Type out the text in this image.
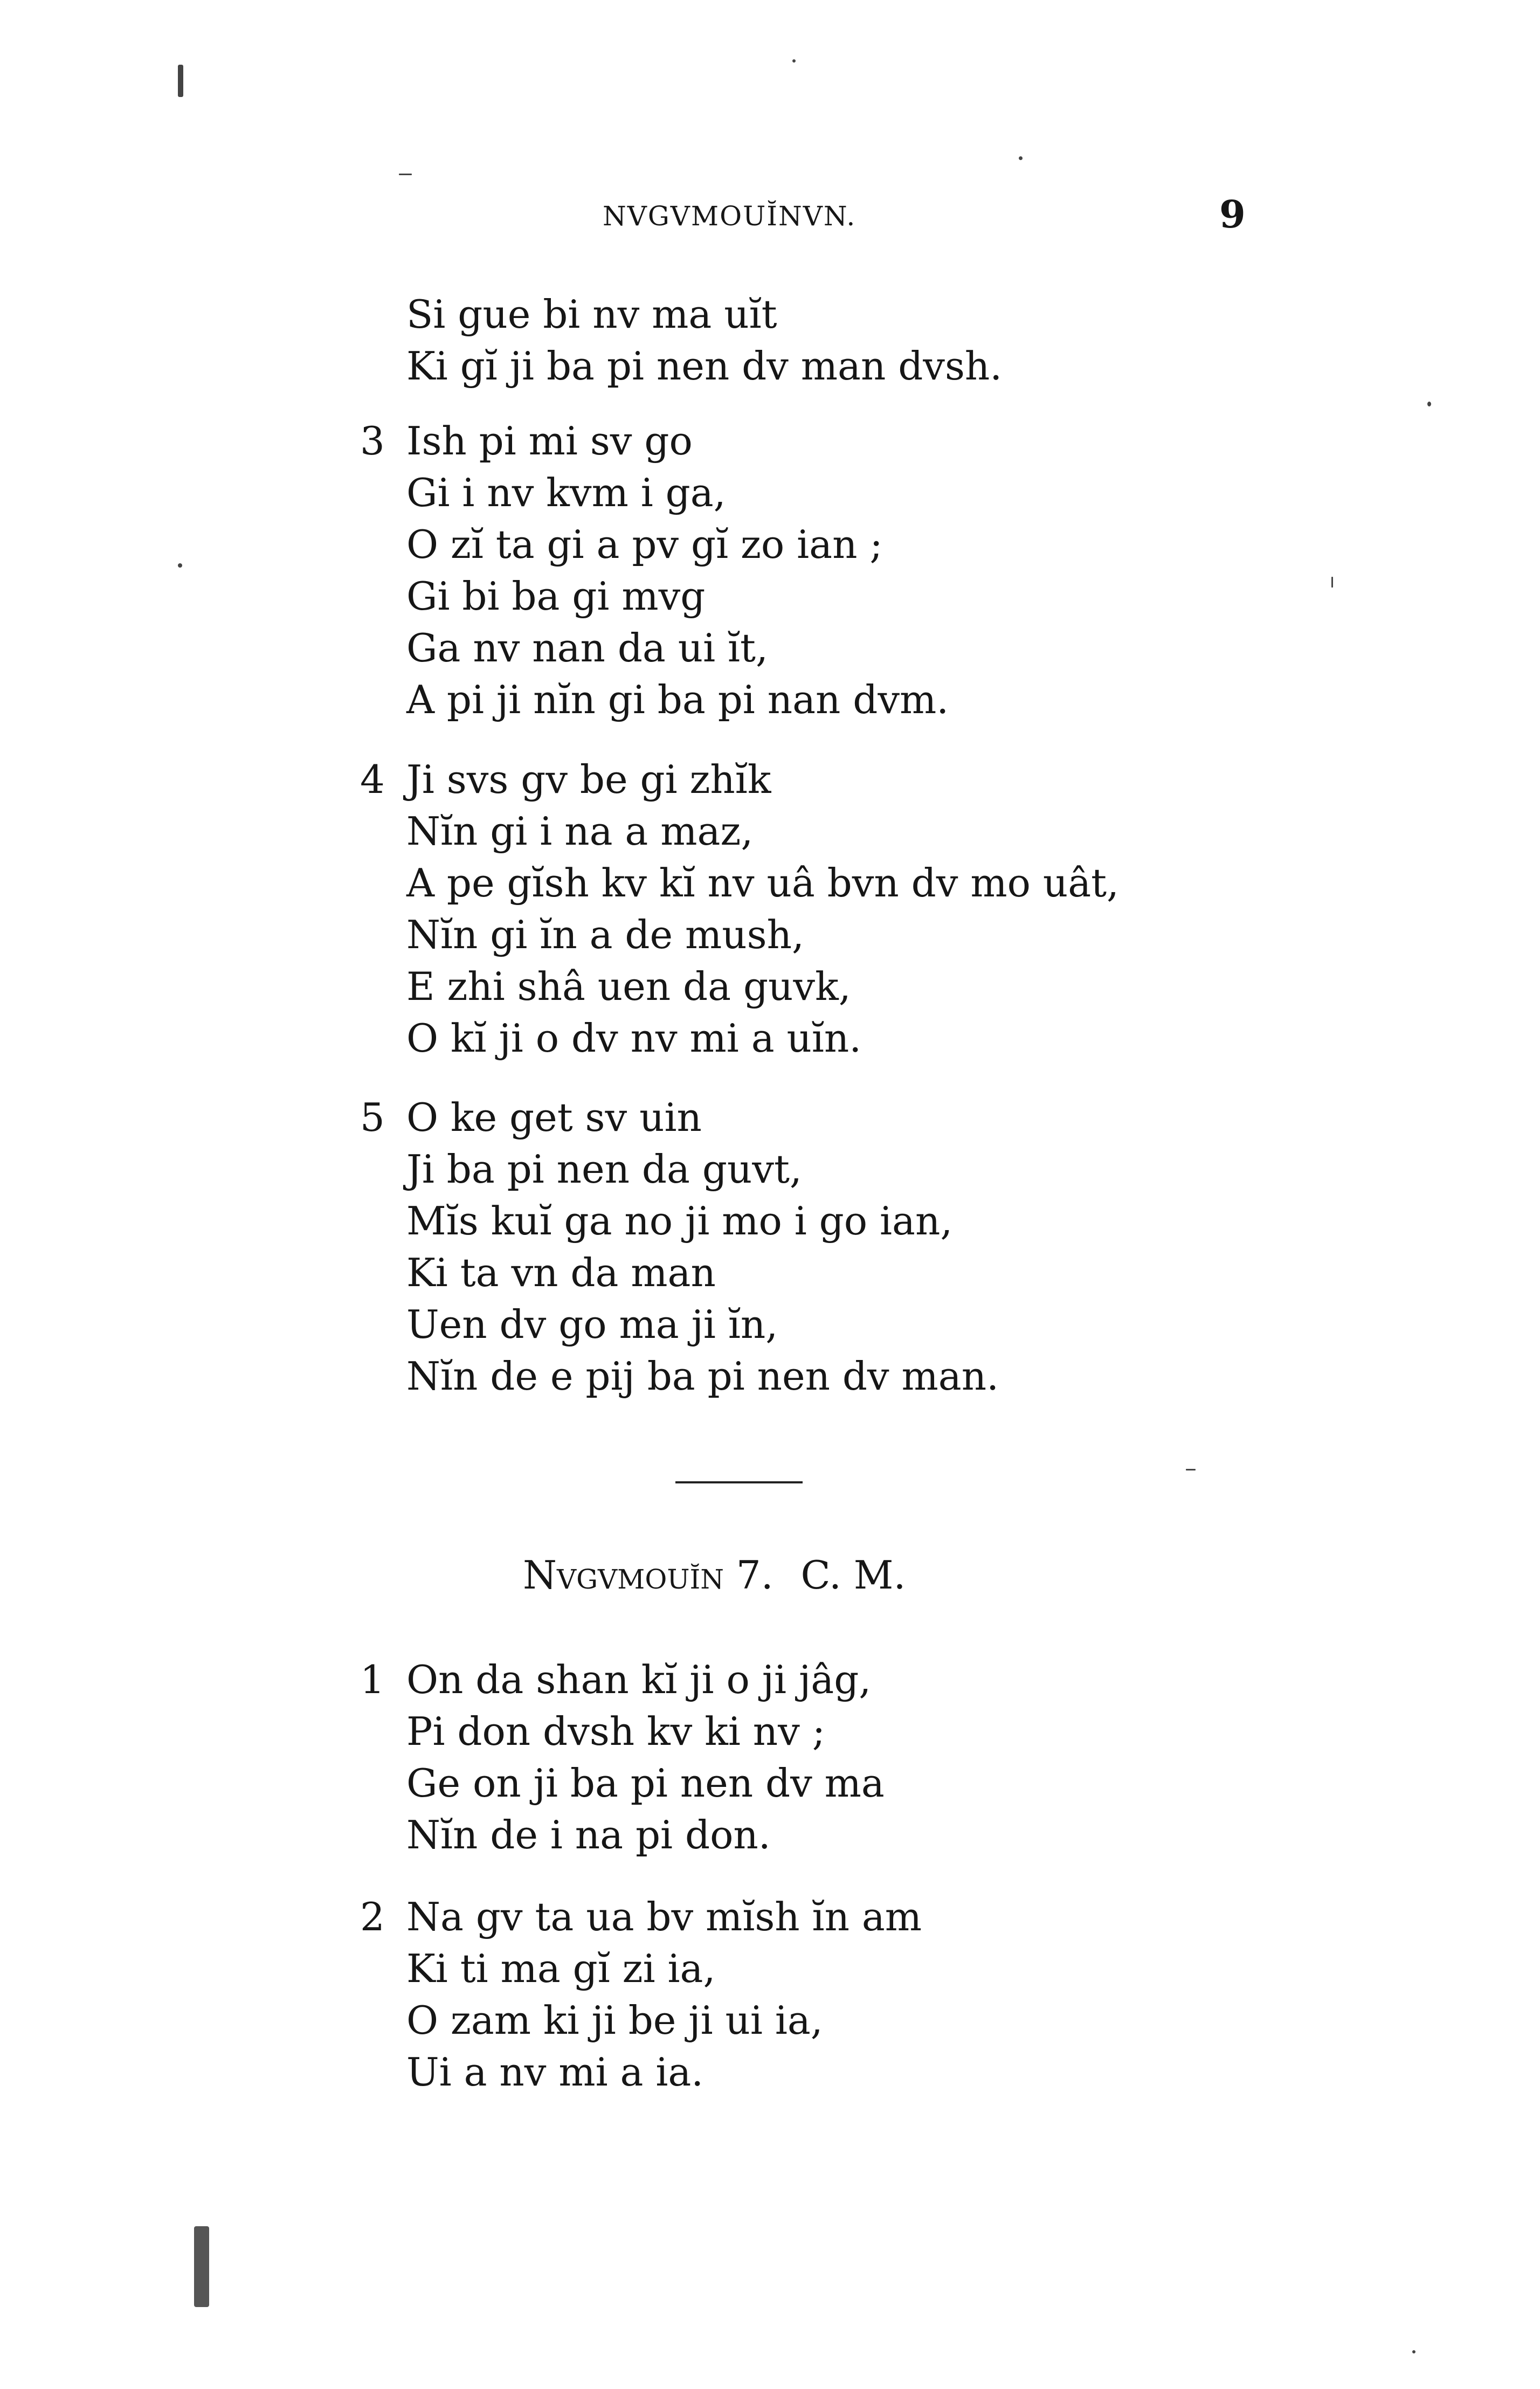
NVGVMOUĬNVN.	9
Si gue bi nv ma uĭt
Ki gĭ ji ba pi nen dv man dvsh.
3 Ish pi mi sv go
Gi i nv kvm i ga,
O zĭ ta gi a pv gĭ zo ian ;
Gi bi ba gi mvg
Ga nv nan da ui ĭt,
A pi ji nĭn gi ba pi nan dvm.
4 Ji svs gv be gi zhĭk
Nĭn gi i na a maz,
A pe gĭsh kv kĭ nv uâ bvn dv mo uât,
Nĭn gi ĭn a de mush,
E zhi shâ uen da guvk,
O kĭ ji o dv nv mi a uĭn.
5 O ke get sv uin
Ji ba pi nen da guvt,
Mĭs kuĭ ga no ji mo i go ian,
Ki ta vn da man
Uen dv go ma ji ĭn,
Nĭn de e pij ba pi nen dv man.
Nvgvmouĭn 7. C. M.
1 On da shan kĭ ji o ji jâg,
Pi don dvsh kv ki nv ;
Ge on ji ba pi nen dv ma
Nĭn de i na pi don.
2 Na gv ta ua bv mĭsh ĭn am
Ki ti ma gĭ zi ia,
O zam ki ji be ji ui ia,
Ui a nv mi a ia.
